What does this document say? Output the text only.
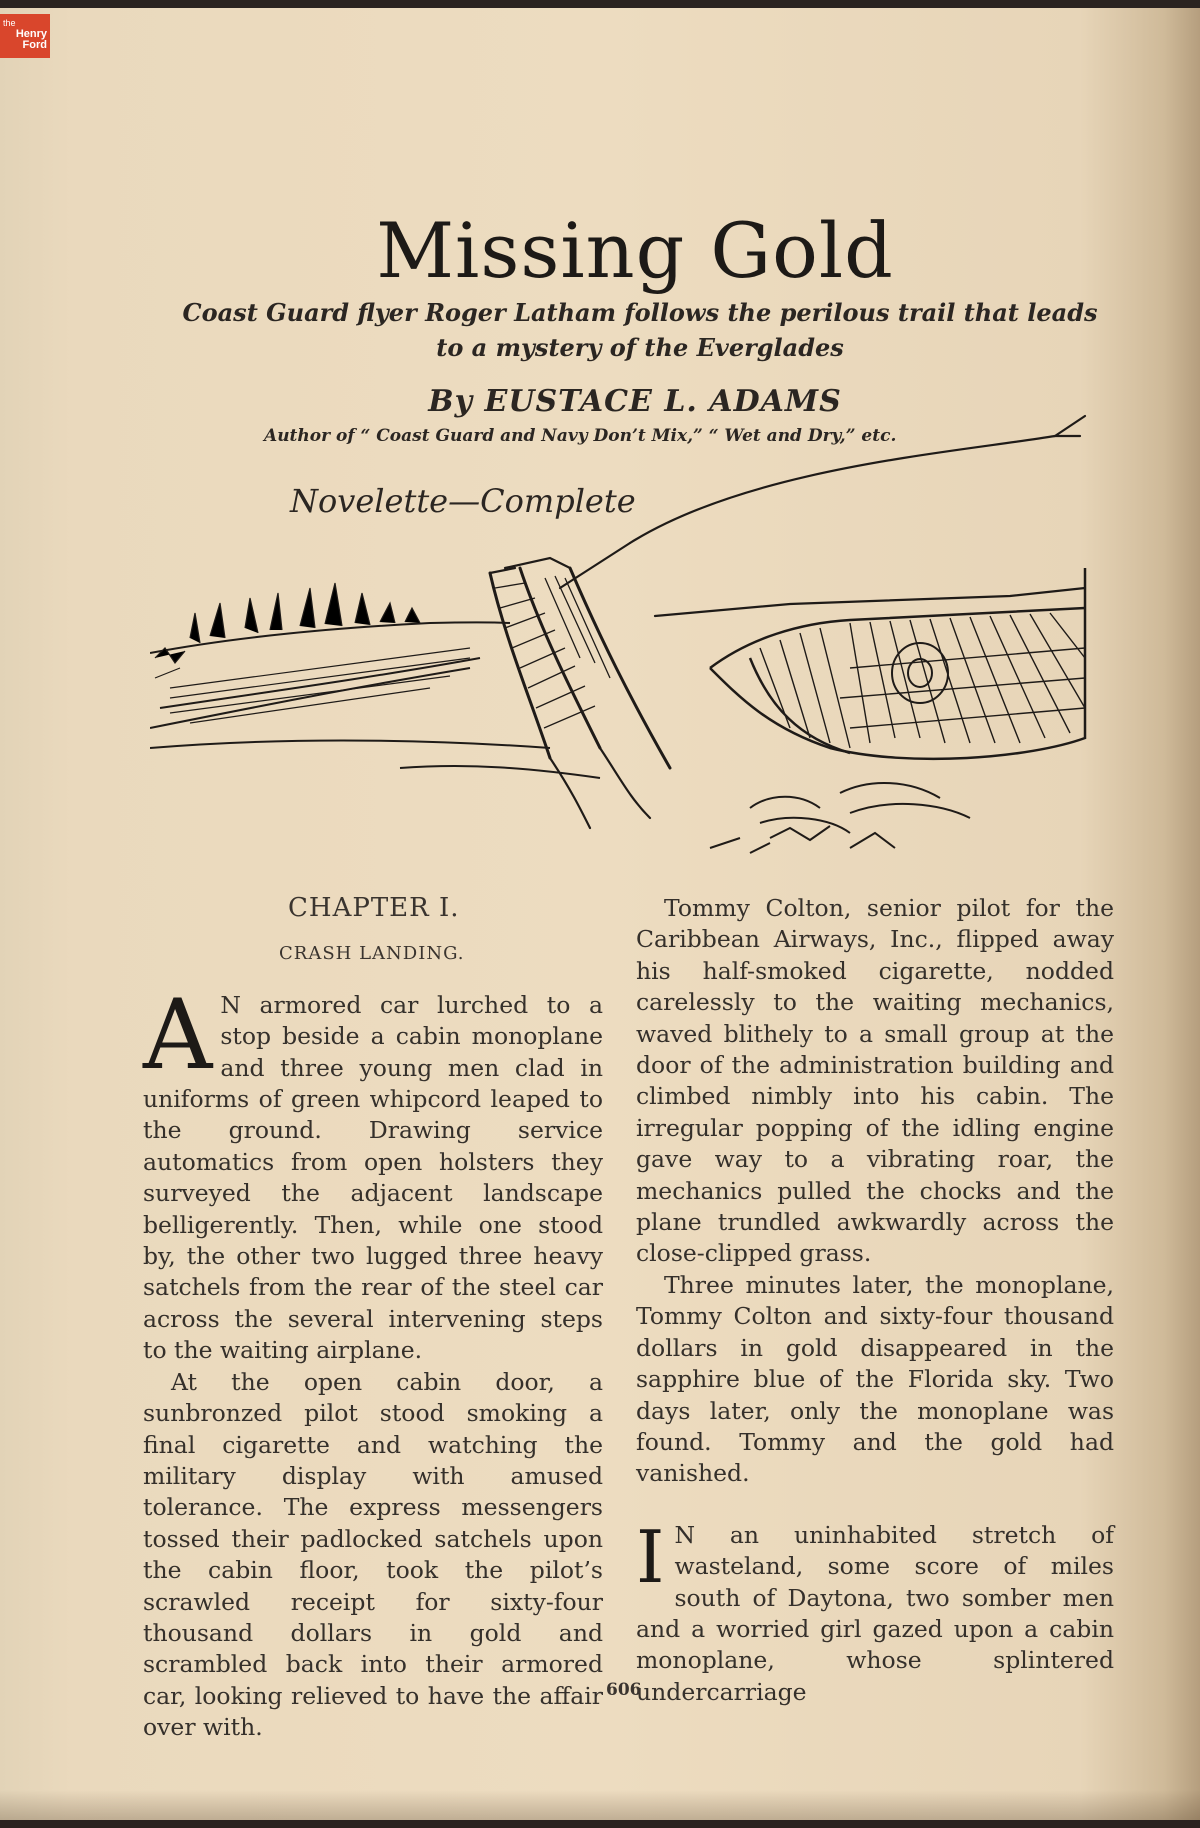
the
Henry
Ford
Missing Gold
Coast Guard flyer Roger Latham follows the perilous trail that leads to a mystery of the Everglades
By EUSTACE L. ADAMS
Author of “ Coast Guard and Navy Don’t Mix,” “ Wet and Dry,” etc.
Novelette—Complete

CHAPTER I.

CRASH LANDING.

A N armored car lurched to a stop beside a cabin monoplane and three young men clad in uniforms of green whipcord leaped to the ground. Drawing service automatics from open holsters they surveyed the adjacent landscape belligerently. Then, while one stood by, the other two lugged three heavy satchels from the rear of the steel car across the several intervening steps to the waiting airplane.

At the open cabin door, a sunbronzed pilot stood smoking a final cigarette and watching the military display with amused tolerance. The express messengers tossed their padlocked satchels upon the cabin floor, took the pilot’s scrawled receipt for sixty-four thousand dollars in gold and scrambled back into their armored car, looking relieved to have the affair over with.

Tommy Colton, senior pilot for the Caribbean Airways, Inc., flipped away his half-smoked cigarette, nodded carelessly to the waiting mechanics, waved blithely to a small group at the door of the administration building and climbed nimbly into his cabin. The irregular popping of the idling engine gave way to a vibrating roar, the mechanics pulled the chocks and the plane trundled awkwardly across the close-clipped grass.

Three minutes later, the monoplane, Tommy Colton and sixty-four thousand dollars in gold disappeared in the sapphire blue of the Florida sky. Two days later, only the monoplane was found. Tommy and the gold had vanished.

I N an uninhabited stretch of wasteland, some score of miles south of Daytona, two somber men and a worried girl gazed upon a cabin monoplane, whose splintered undercarriage

606
